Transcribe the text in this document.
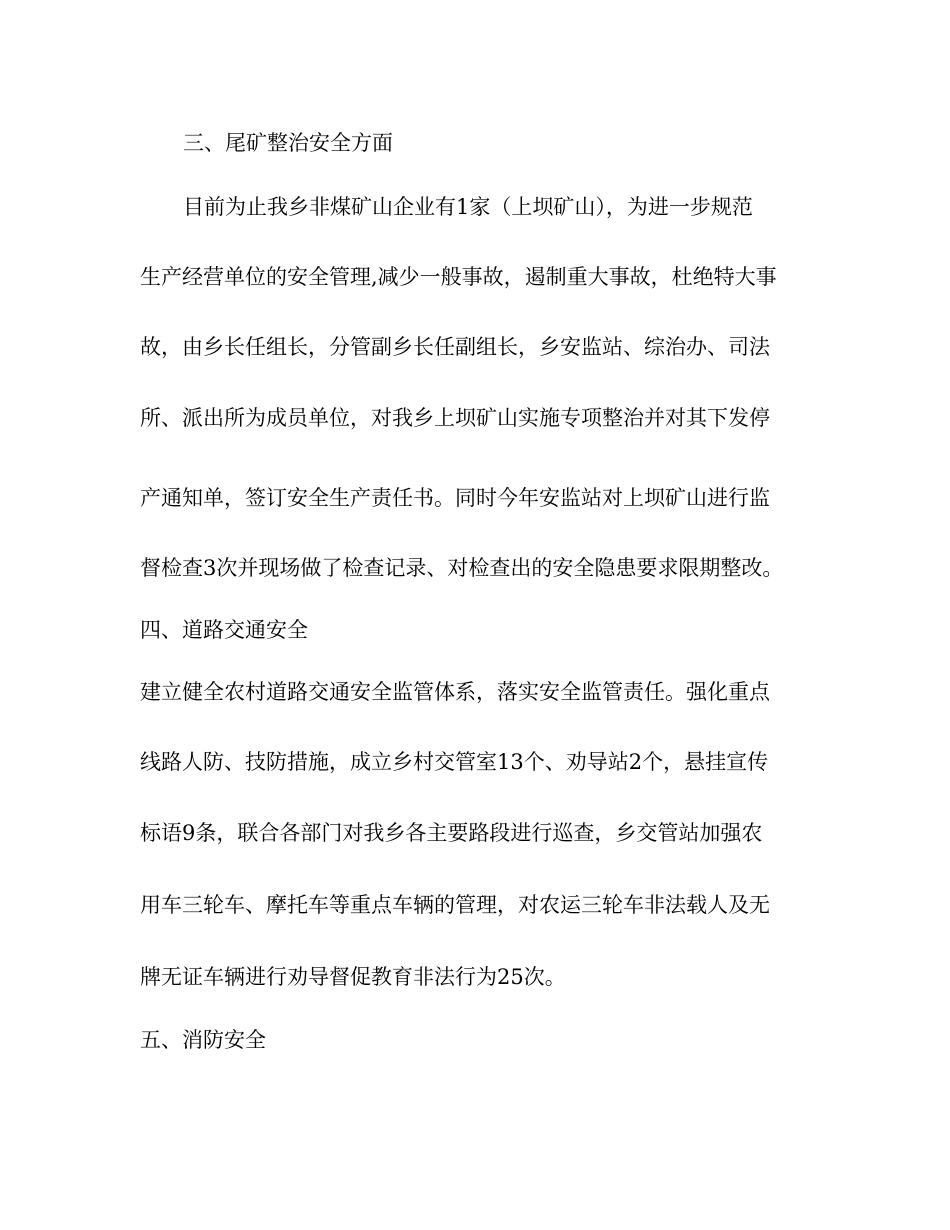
三、尾矿整治安全方面

目前为止我乡非煤矿山企业有1家（上坝矿山），为进一步规范

生产经营单位的安全管理,减少一般事故，遏制重大事故，杜绝特大事

故，由乡长任组长，分管副乡长任副组长，乡安监站、综治办、司法

所、派出所为成员单位，对我乡上坝矿山实施专项整治并对其下发停

产通知单，签订安全生产责任书。同时今年安监站对上坝矿山进行监

督检查3次并现场做了检查记录、对检查出的安全隐患要求限期整改。

四、道路交通安全

建立健全农村道路交通安全监管体系，落实安全监管责任。强化重点

线路人防、技防措施，成立乡村交管室13个、劝导站2个，悬挂宣传

标语9条，联合各部门对我乡各主要路段进行巡查，乡交管站加强农

用车三轮车、摩托车等重点车辆的管理，对农运三轮车非法载人及无

牌无证车辆进行劝导督促教育非法行为25次。

五、消防安全
